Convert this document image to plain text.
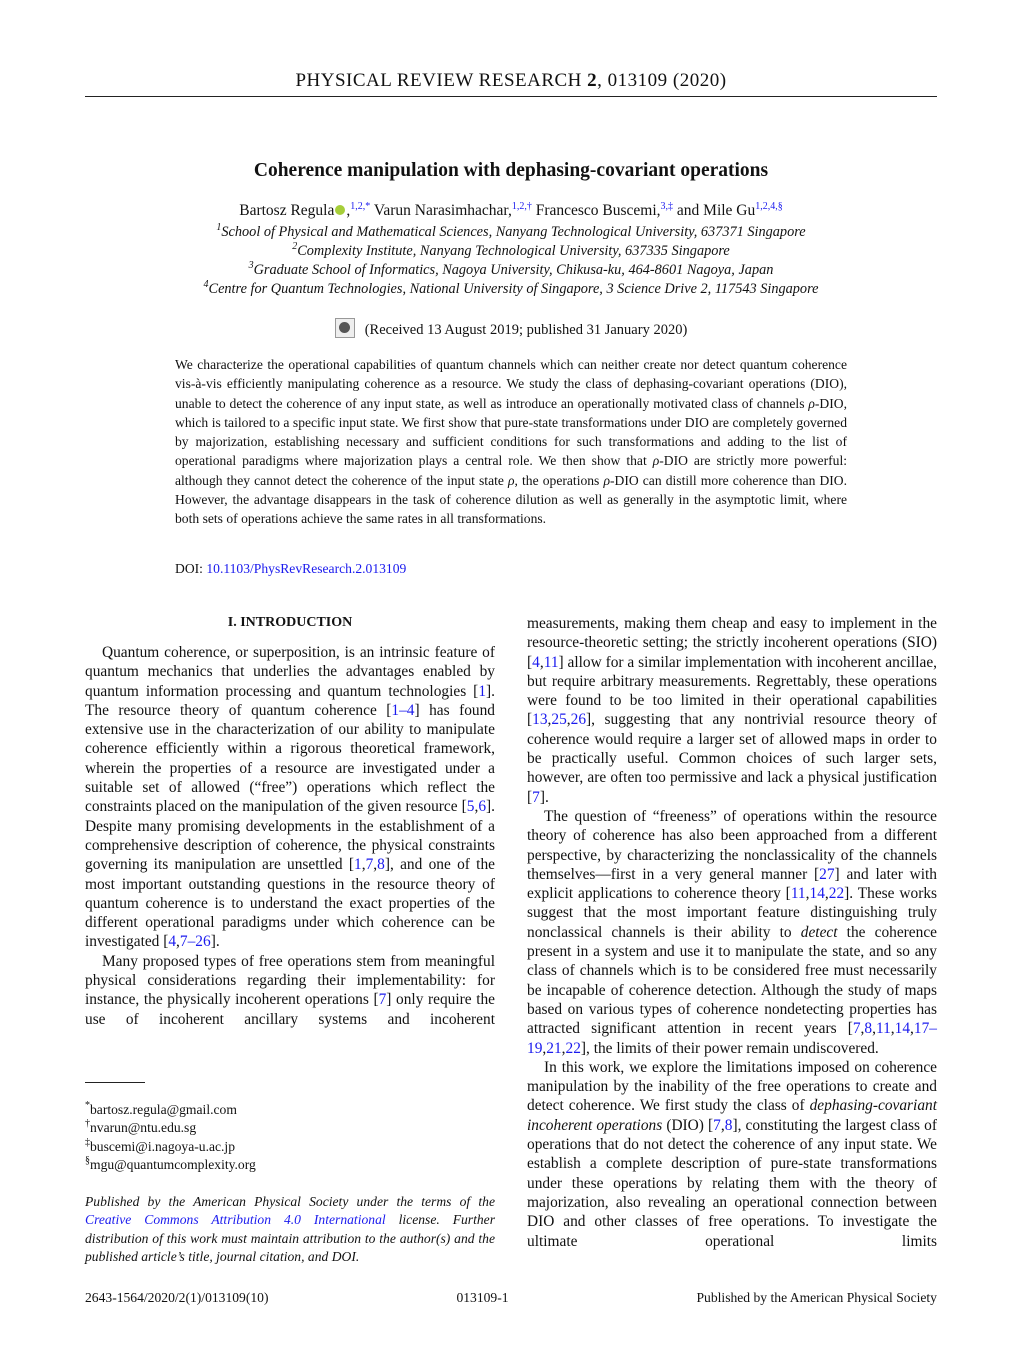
PHYSICAL REVIEW RESEARCH 2, 013109 (2020)
Coherence manipulation with dephasing-covariant operations
Bartosz Regula ,$^{1,2,*}$ Varun Narasimhachar,$^{1,2,\dagger}$ Francesco Buscemi,$^{3,\ddagger}$ and Mile $Gu^{1,2,4,\S}$
$^1$School of Physical and Mathematical Sciences, Nanyang Technological University, 637371 Singapore
$^2$Complexity Institute, Nanyang Technological University, 637335 Singapore
$^3$Graduate School of Informatics, Nagoya University, Chikusa-ku, 464-8601 Nagoya, Japan
$^4$Centre for Quantum Technologies, National University of Singapore, 3 Science Drive 2, 117543 Singapore
(Received 13 August 2019; published 31 January 2020)
We characterize the operational capabilities of quantum channels which can neither create nor detect quantum coherence vis-à-vis efficiently manipulating coherence as a resource. We study the class of dephasing-covariant operations (DIO), unable to detect the coherence of any input state, as well as introduce an operationally motivated class of channels ρ-DIO, which is tailored to a specific input state. We first show that pure-state transformations under DIO are completely governed by majorization, establishing necessary and sufficient conditions for such transformations and adding to the list of operational paradigms where majorization plays a central role. We then show that ρ-DIO are strictly more powerful: although they cannot detect the coherence of the input state ρ, the operations ρ-DIO can distill more coherence than DIO. However, the advantage disappears in the task of coherence dilution as well as generally in the asymptotic limit, where both sets of operations achieve the same rates in all transformations.
DOI: 10.1103/PhysRevResearch.2.013109
I. INTRODUCTION

Quantum coherence, or superposition, is an intrinsic feature of quantum mechanics that underlies the advantages enabled by quantum information processing and quantum technologies [1]. The resource theory of quantum coherence [1–4] has found extensive use in the characterization of our ability to manipulate coherence efficiently within a rigorous theoretical framework, wherein the properties of a resource are investigated under a suitable set of allowed (“free”) operations which reflect the constraints placed on the manipulation of the given resource [5,6]. Despite many promising developments in the establishment of a comprehensive description of coherence, the physical constraints governing its manipulation are unsettled [1,7,8], and one of the most important outstanding questions in the resource theory of quantum coherence is to understand the exact properties of the different operational paradigms under which coherence can be investigated [4,7–26].

Many proposed types of free operations stem from meaningful physical considerations regarding their implementability: for instance, the physically incoherent operations [7] only require the use of incoherent ancillary systems and incoherent

measurements, making them cheap and easy to implement in the resource-theoretic setting; the strictly incoherent operations (SIO) [4,11] allow for a similar implementation with incoherent ancillae, but require arbitrary measurements. Regrettably, these operations were found to be too limited in their operational capabilities [13,25,26], suggesting that any nontrivial resource theory of coherence would require a larger set of allowed maps in order to be practically useful. Common choices of such larger sets, however, are often too permissive and lack a physical justification [7].

The question of “freeness” of operations within the resource theory of coherence has also been approached from a different perspective, by characterizing the nonclassicality of the channels themselves—first in a very general manner [27] and later with explicit applications to coherence theory [11,14,22]. These works suggest that the most important feature distinguishing truly nonclassical channels is their ability to detect the coherence present in a system and use it to manipulate the state, and so any class of channels which is to be considered free must necessarily be incapable of coherence detection. Although the study of maps based on various types of coherence nondetecting properties has attracted significant attention in recent years [7,8,11,14,17–19,21,22], the limits of their power remain undiscovered.

In this work, we explore the limitations imposed on coherence manipulation by the inability of the free operations to create and detect coherence. We first study the class of dephasing-covariant incoherent operations (DIO) [7,8], constituting the largest class of operations that do not detect the coherence of any input state. We establish a complete description of pure-state transformations under these operations by relating them with the theory of majorization, also revealing an operational connection between DIO and other classes of free operations. To investigate the ultimate operational limits

*bartosz.regula@gmail.com
†nvarun@ntu.edu.sg
‡buscemi@i.nagoya-u.ac.jp
§mgu@quantumcomplexity.org
Published by the American Physical Society under the terms of the Creative Commons Attribution 4.0 International license. Further distribution of this work must maintain attribution to the author(s) and the published article’s title, journal citation, and DOI.
2643-1564/2020/2(1)/013109(10)	013109-1	Published by the American Physical Society
